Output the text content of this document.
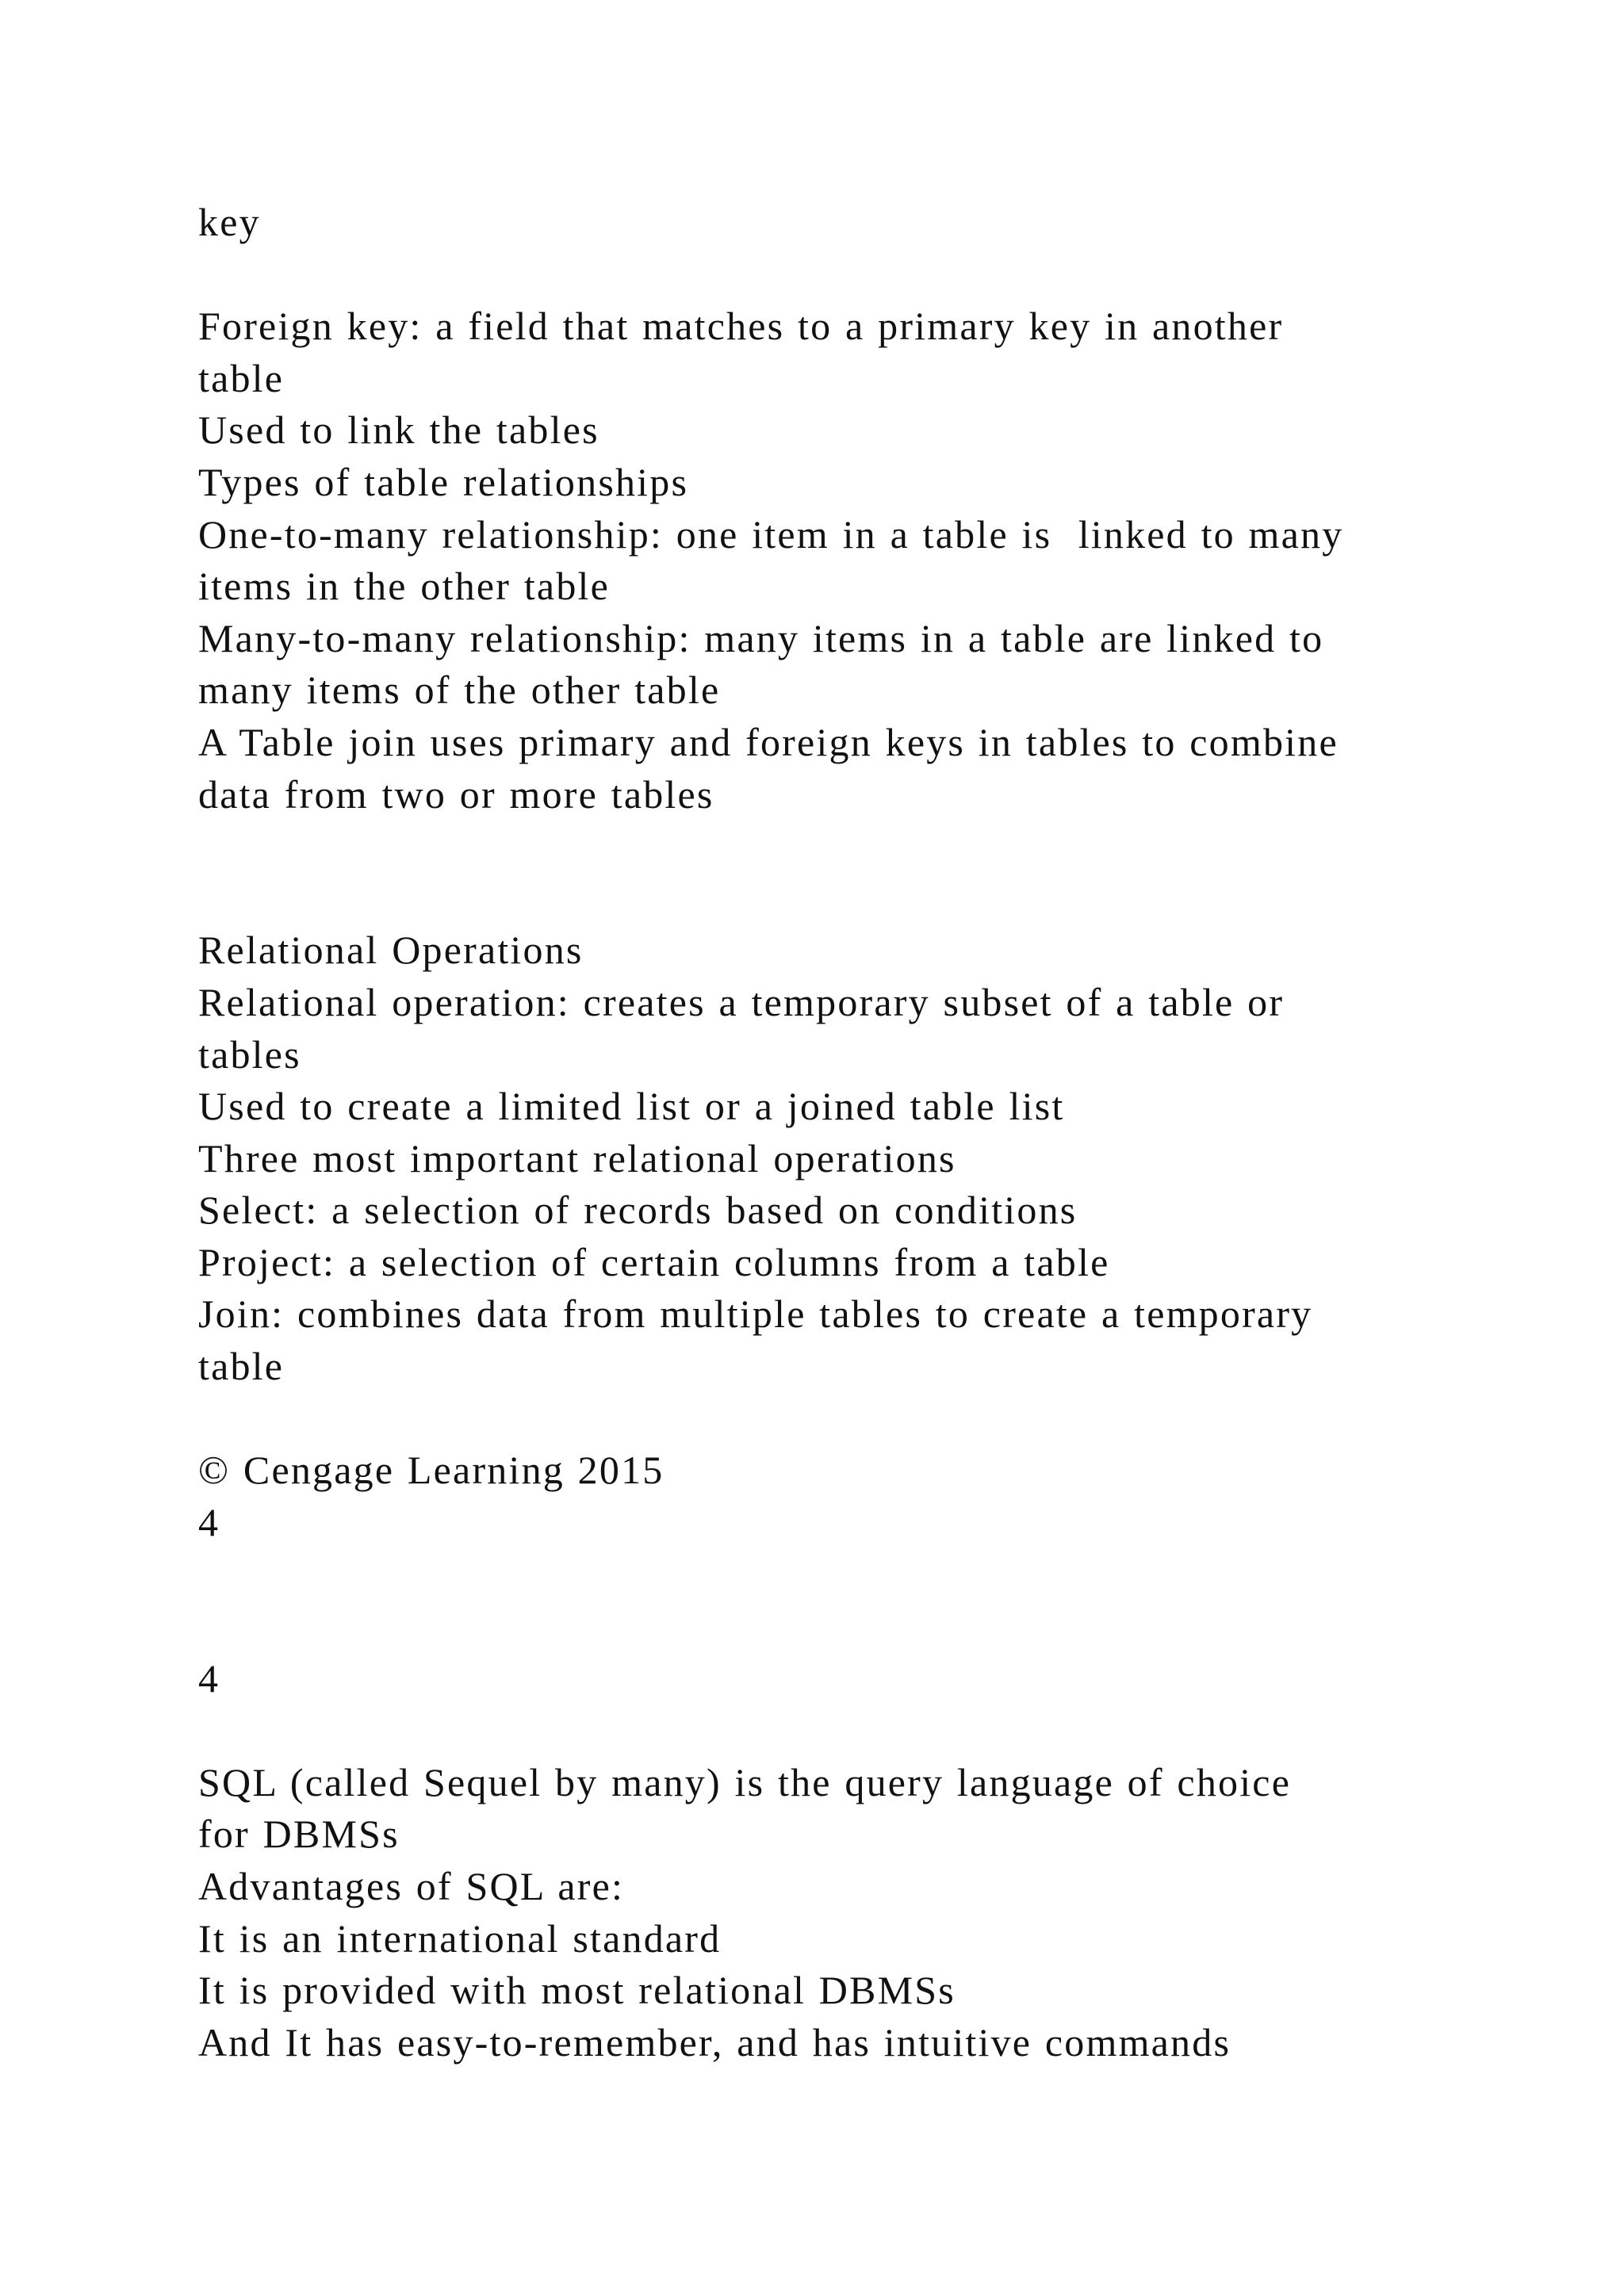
key
Foreign key: a field that matches to a primary key in another
table
Used to link the tables
Types of table relationships
One-to-many relationship: one item in a table is  linked to many
items in the other table
Many-to-many relationship: many items in a table are linked to
many items of the other table
A Table join uses primary and foreign keys in tables to combine
data from two or more tables
Relational Operations
Relational operation: creates a temporary subset of a table or
tables
Used to create a limited list or a joined table list
Three most important relational operations
Select: a selection of records based on conditions
Project: a selection of certain columns from a table
Join: combines data from multiple tables to create a temporary
table
© Cengage Learning 2015
4
4
SQL (called Sequel by many) is the query language of choice
for DBMSs
Advantages of SQL are:
It is an international standard
It is provided with most relational DBMSs
And It has easy-to-remember, and has intuitive commands
